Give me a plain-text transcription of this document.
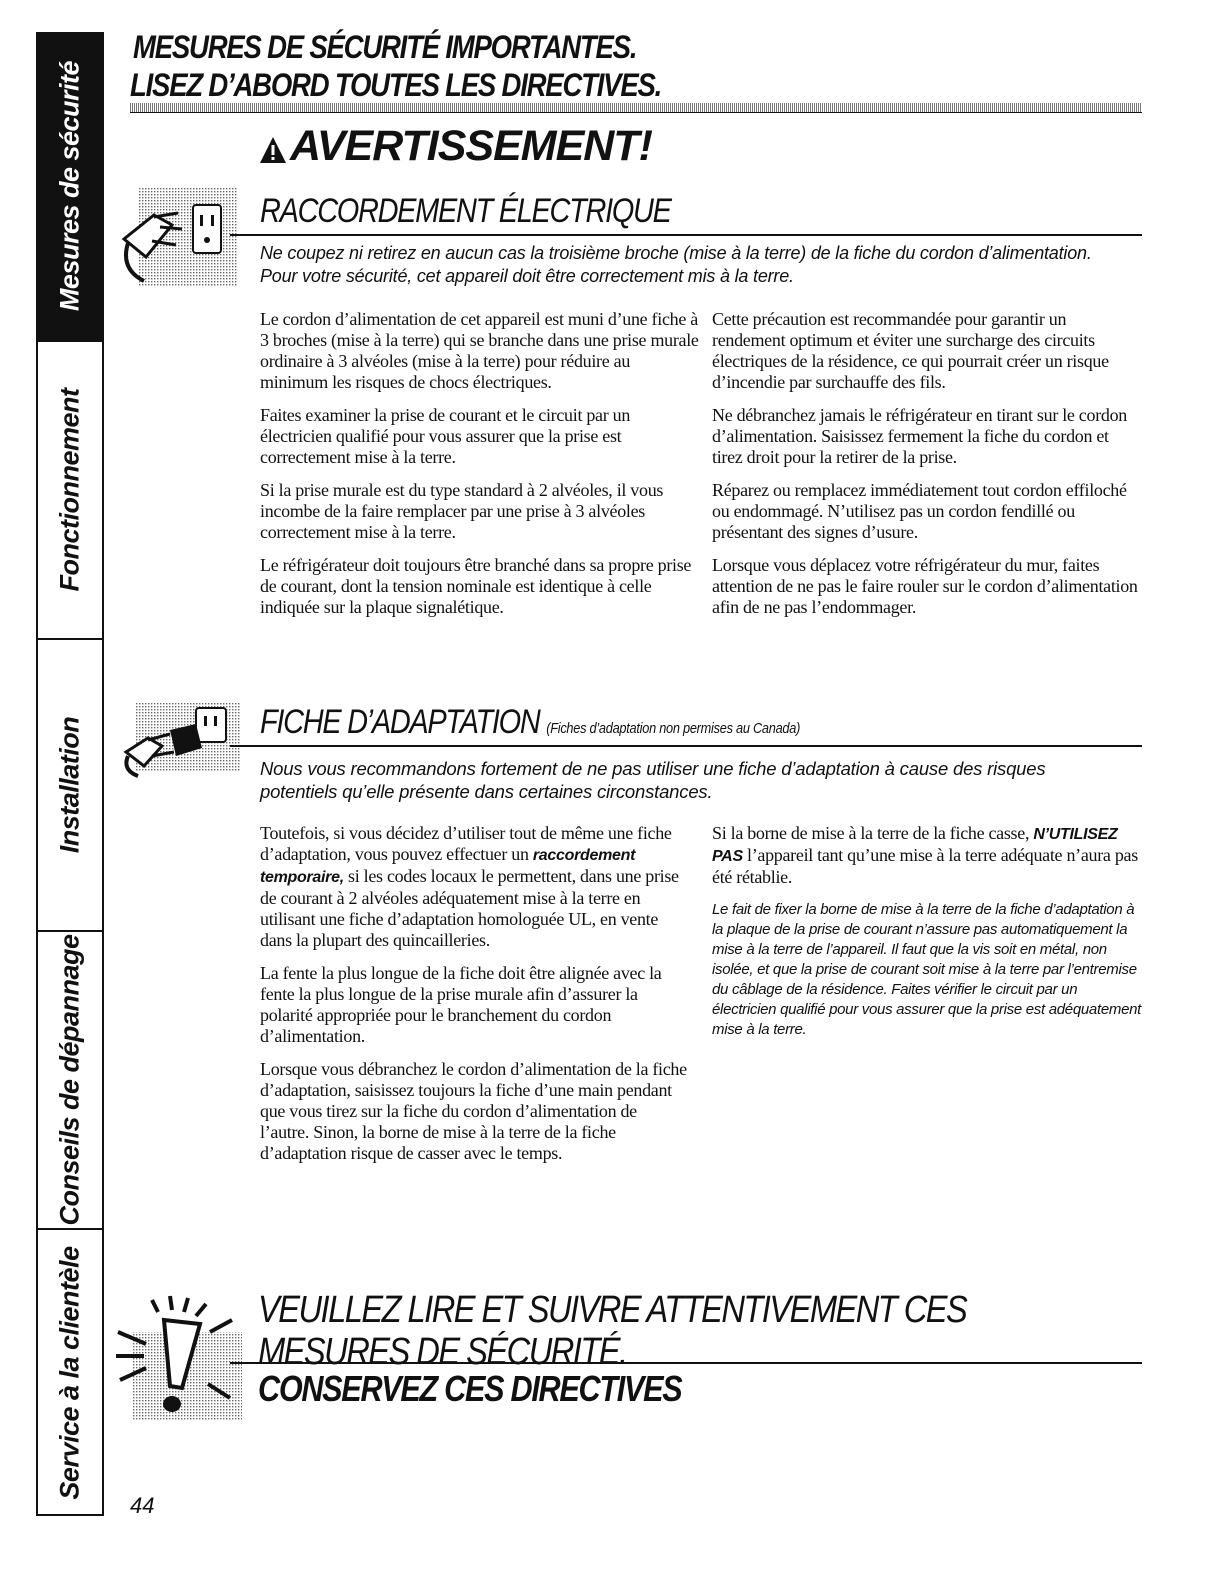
Mesures de sécurité
Fonctionnement
Installation
Conseils de dépannage
Service à la clientèle
MESURES DE SÉCURITÉ IMPORTANTES.
LISEZ D’ABORD TOUTES LES DIRECTIVES.
AVERTISSEMENT!
RACCORDEMENT ÉLECTRIQUE
Ne coupez ni retirez en aucun cas la troisième broche (mise à la terre) de la fiche du cordon d’alimentation. Pour votre sécurité, cet appareil doit être correctement mis à la terre.

Le cordon d’alimentation de cet appareil est muni d’une fiche à 3 broches (mise à la terre) qui se branche dans une prise murale ordinaire à 3 alvéoles (mise à la terre) pour réduire au minimum les risques de chocs électriques.

Faites examiner la prise de courant et le circuit par un électricien qualifié pour vous assurer que la prise est correctement mise à la terre.

Si la prise murale est du type standard à 2 alvéoles, il vous incombe de la faire remplacer par une prise à 3 alvéoles correctement mise à la terre.

Le réfrigérateur doit toujours être branché dans sa propre prise de courant, dont la tension nominale est identique à celle indiquée sur la plaque signalétique.

Cette précaution est recommandée pour garantir un rendement optimum et éviter une surcharge des circuits électriques de la résidence, ce qui pourrait créer un risque d’incendie par surchauffe des fils.

Ne débranchez jamais le réfrigérateur en tirant sur le cordon d’alimentation. Saisissez fermement la fiche du cordon et tirez droit pour la retirer de la prise.

Réparez ou remplacez immédiatement tout cordon effiloché ou endommagé. N’utilisez pas un cordon fendillé ou présentant des signes d’usure.

Lorsque vous déplacez votre réfrigérateur du mur, faites attention de ne pas le faire rouler sur le cordon d’alimentation afin de ne pas l’endommager.

FICHE D’ADAPTATION (Fiches d’adaptation non permises au Canada)
Nous vous recommandons fortement de ne pas utiliser une fiche d’adaptation à cause des risques potentiels qu’elle présente dans certaines circonstances.

Toutefois, si vous décidez d’utiliser tout de même une fiche d’adaptation, vous pouvez effectuer un raccordement temporaire, si les codes locaux le permettent, dans une prise de courant à 2 alvéoles adéquatement mise à la terre en utilisant une fiche d’adaptation homologuée UL, en vente dans la plupart des quincailleries.

La fente la plus longue de la fiche doit être alignée avec la fente la plus longue de la prise murale afin d’assurer la polarité appropriée pour le branchement du cordon d’alimentation.

Lorsque vous débranchez le cordon d’alimentation de la fiche d’adaptation, saisissez toujours la fiche d’une main pendant que vous tirez sur la fiche du cordon d’alimentation de l’autre. Sinon, la borne de mise à la terre de la fiche d’adaptation risque de casser avec le temps.

Si la borne de mise à la terre de la fiche casse, N’UTILISEZ PAS l’appareil tant qu’une mise à la terre adéquate n’aura pas été rétablie.

Le fait de fixer la borne de mise à la terre de la fiche d’adaptation à la plaque de la prise de courant n’assure pas automatiquement la mise à la terre de l’appareil. Il faut que la vis soit en métal, non isolée, et que la prise de courant soit mise à la terre par l’entremise du câblage de la résidence. Faites vérifier le circuit par un électricien qualifié pour vous assurer que la prise est adéquatement mise à la terre.
VEUILLEZ LIRE ET SUIVRE ATTENTIVEMENT CES
MESURES DE SÉCURITÉ.
CONSERVEZ CES DIRECTIVES
44
